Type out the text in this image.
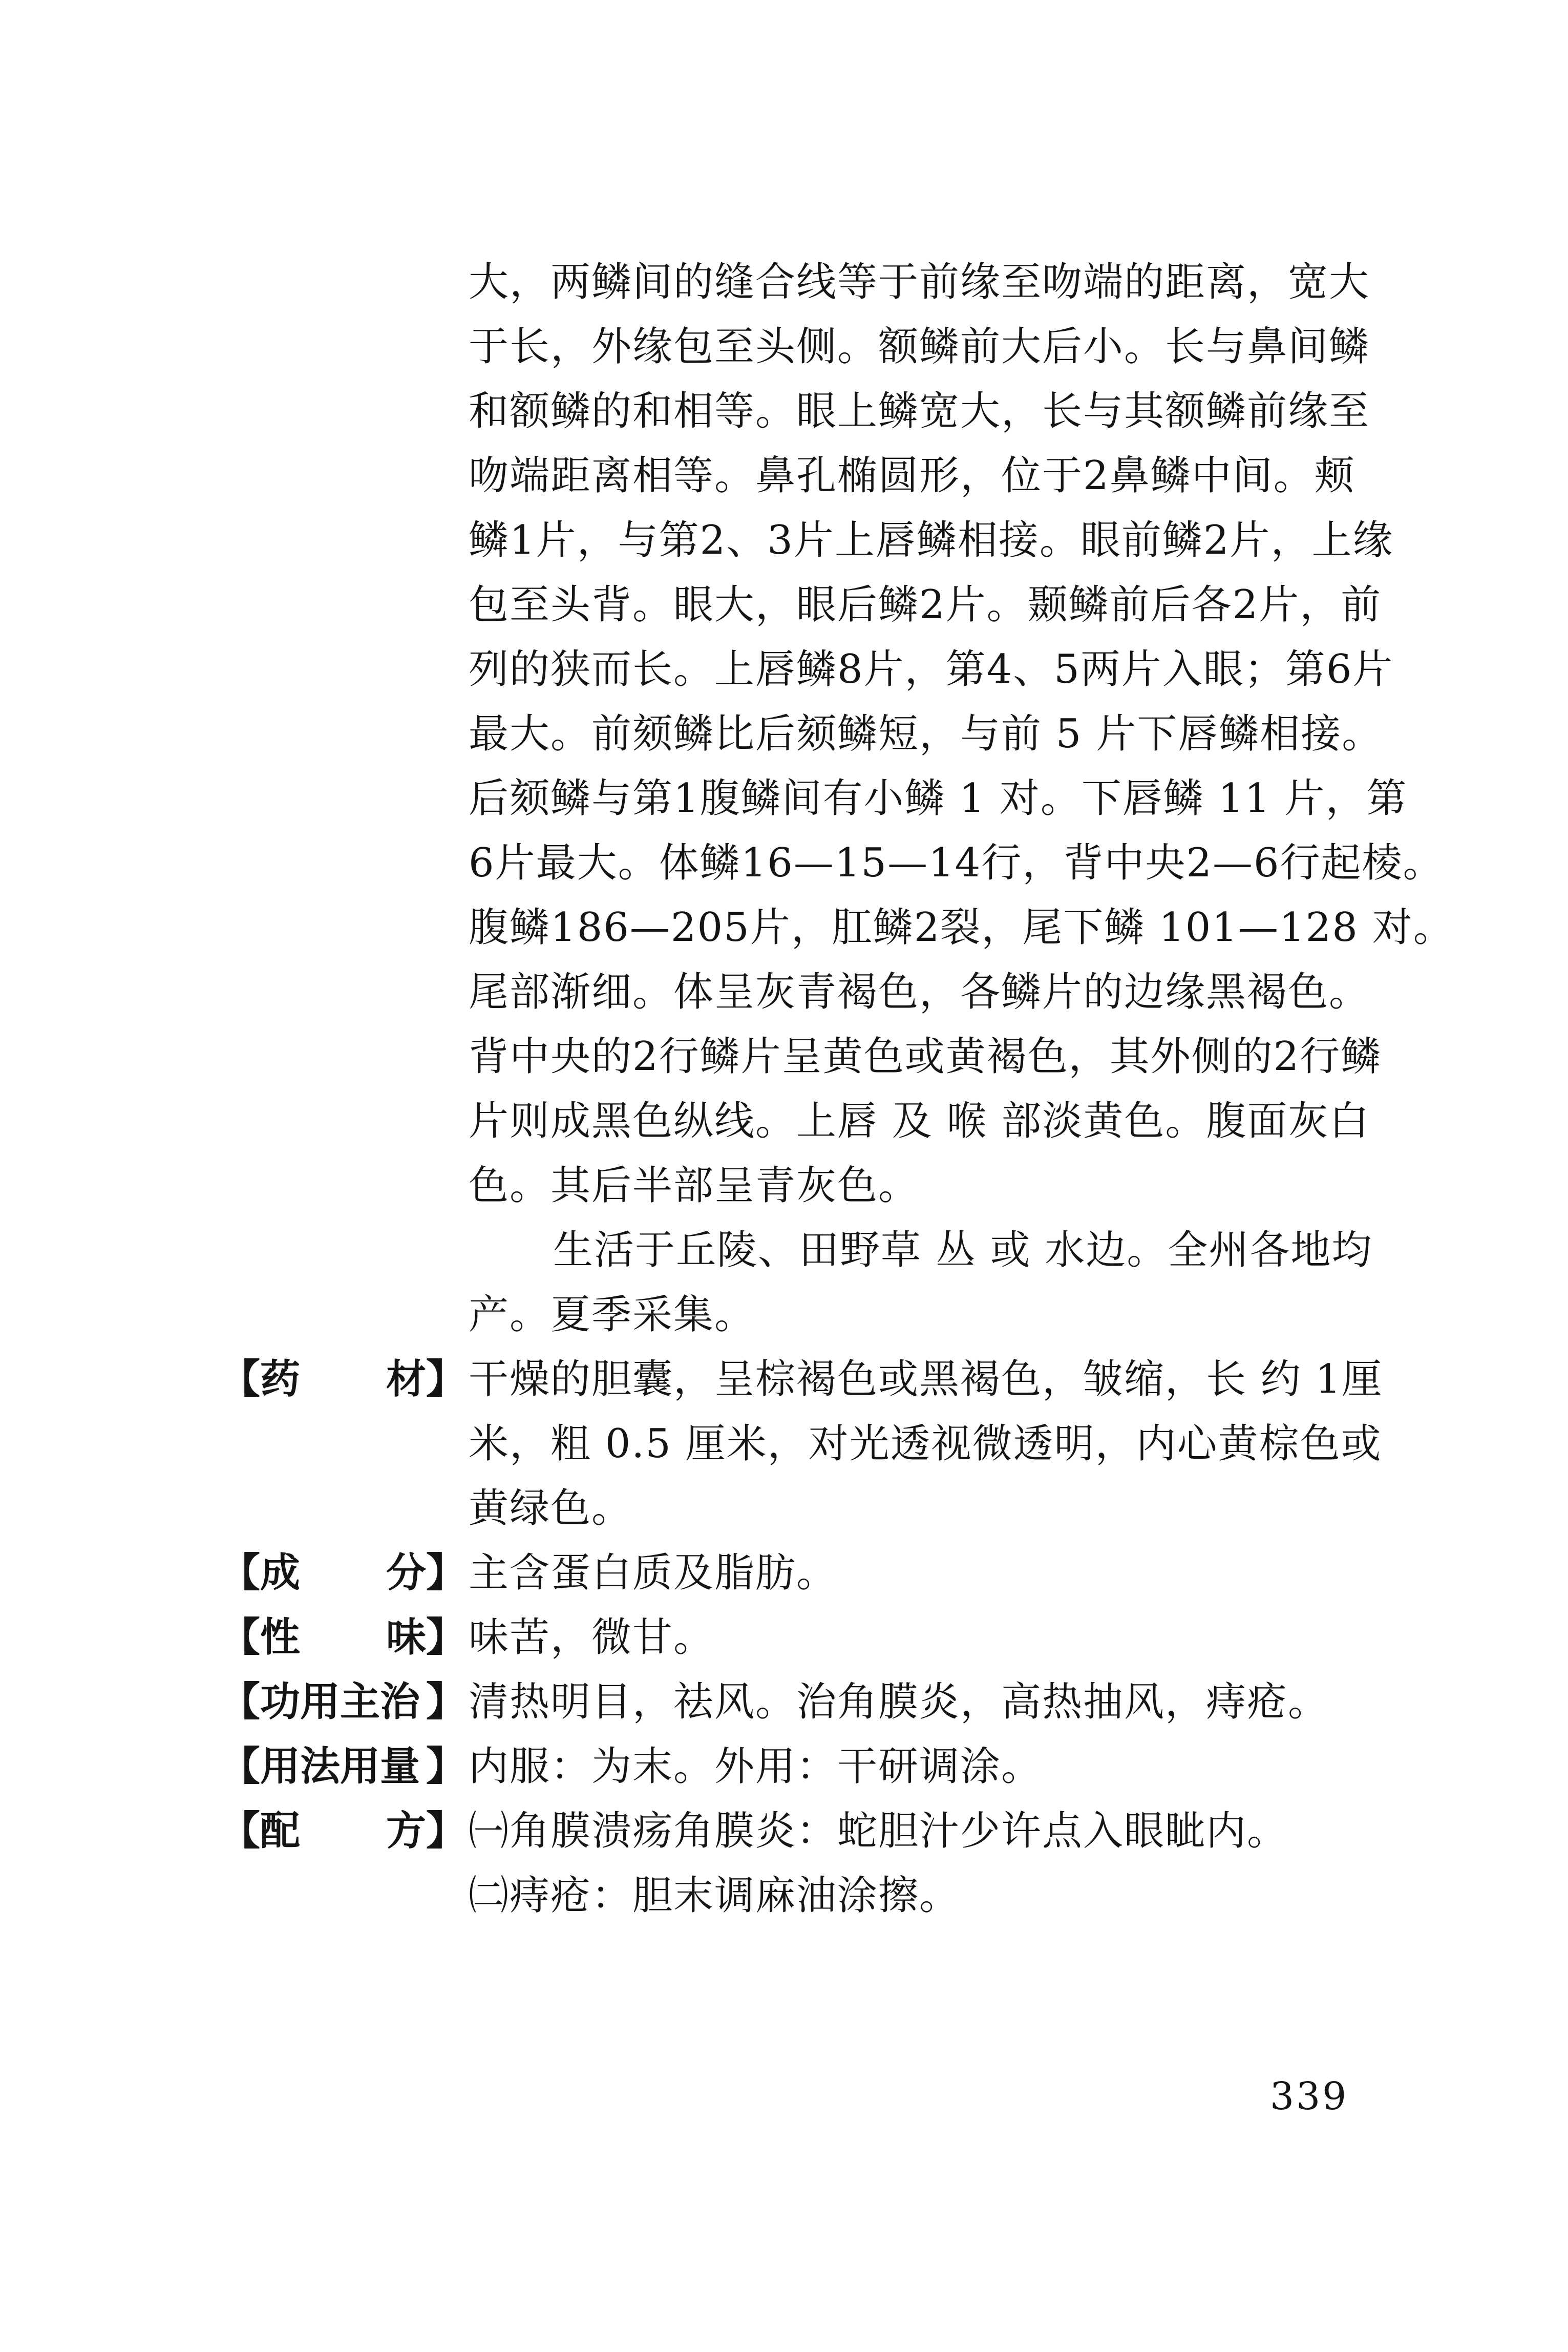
大，两鳞间的缝合线等于前缘至吻端的距离，宽大
于长，外缘包至头侧。额鳞前大后小。长与鼻间鳞
和额鳞的和相等。眼上鳞宽大，长与其额鳞前缘至
吻端距离相等。鼻孔椭圆形，位于2鼻鳞中间。颊
鳞1片，与第2、3片上唇鳞相接。眼前鳞2片，上缘
包至头背。眼大，眼后鳞2片。颞鳞前后各2片，前
列的狭而长。上唇鳞8片，第4、5两片入眼；第6片
最大。前颏鳞比后颏鳞短，与前 5 片下唇鳞相接。
后颏鳞与第1腹鳞间有小鳞 1 对。下唇鳞 11 片，第
6片最大。体鳞16—15—14行，背中央2—6行起棱。
腹鳞186—205片，肛鳞2裂，尾下鳞 101—128 对。
尾部渐细。体呈灰青褐色，各鳞片的边缘黑褐色。
背中央的2行鳞片呈黄色或黄褐色，其外侧的2行鳞
片则成黑色纵线。上唇 及 喉 部淡黄色。腹面灰白
色。其后半部呈青灰色。
生活于丘陵、田野草 丛 或 水边。全州各地均
产。夏季采集。
【药 材】 干燥的胆囊，呈棕褐色或黑褐色，皱缩，长 约 1厘
米，粗 0.5 厘米，对光透视微透明，内心黄棕色或
黄绿色。
【成 分】 主含蛋白质及脂肪。
【性 味】 味苦，微甘。
【功用主治 】 清热明目，祛风。治角膜炎，高热抽风，痔疮。
【用法用量 】 内服：为末。外用：干研调涂。
【配 方】 ㈠角膜溃疡角膜炎：蛇胆汁少许点入眼眦内。
㈡痔疮：胆末调麻油涂擦。
339
